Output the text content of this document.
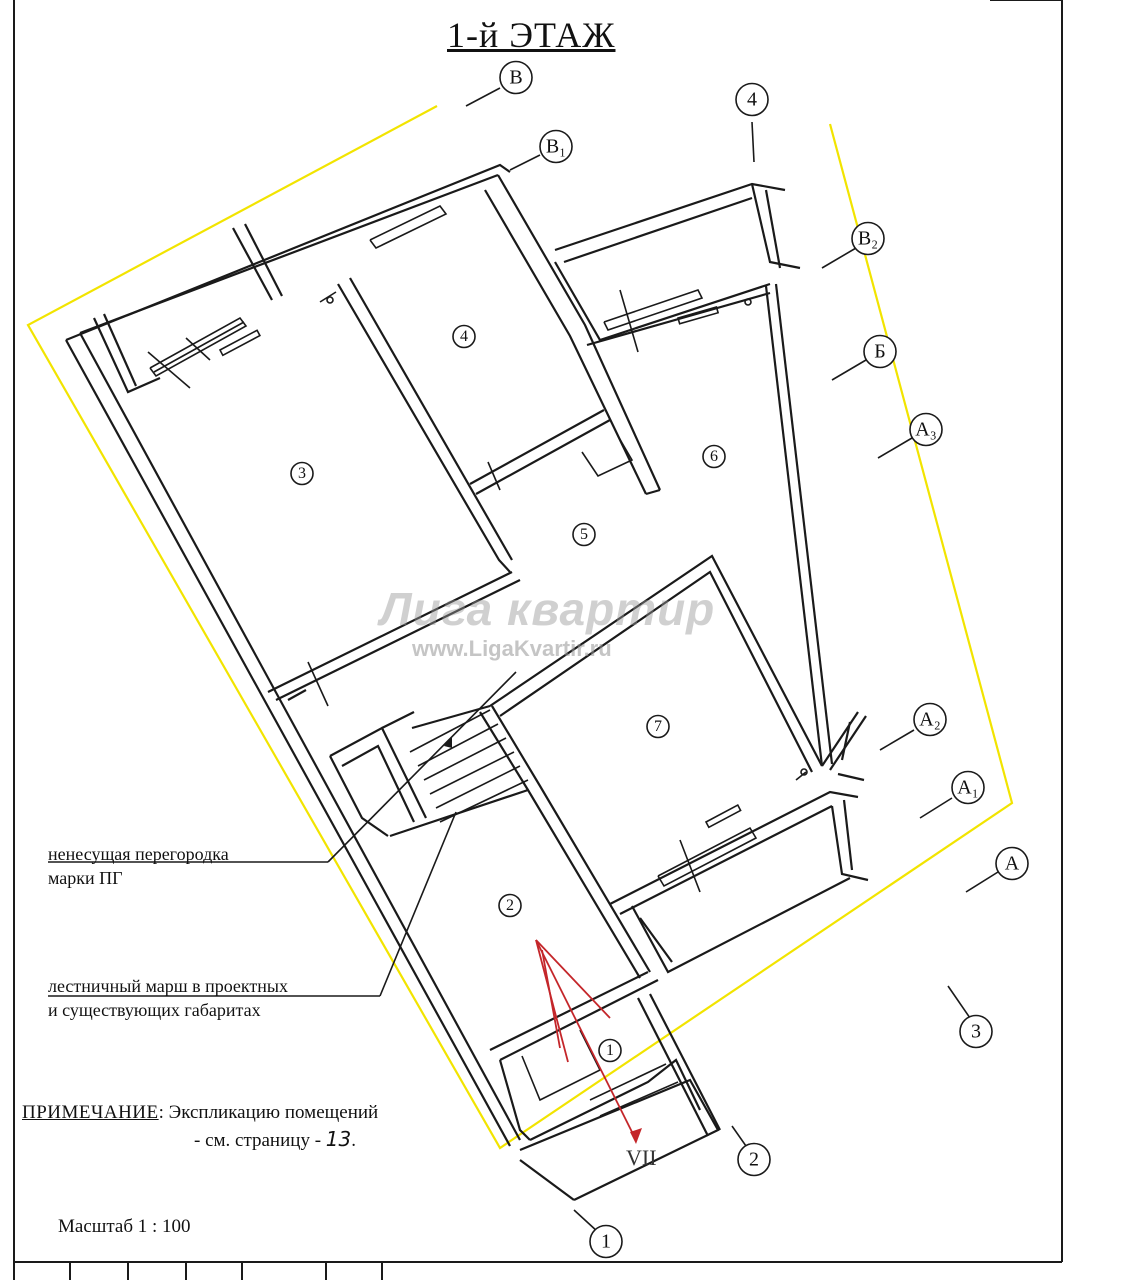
В
В₁
4
В₂
Б
А₃
А₂
А₁
А
3
2
1
1
2
3
4
5
6
7
VII
1-й ЭТАЖ
Лига квартир
www.LigaKvartir.ru
ненесущая перегородка
марки ПГ
лестничный марш в проектных
и существующих габаритах
ПРИМЕЧАНИЕ: Экспликацию помещений
- см. страницу - 13.
Масштаб 1 : 100
